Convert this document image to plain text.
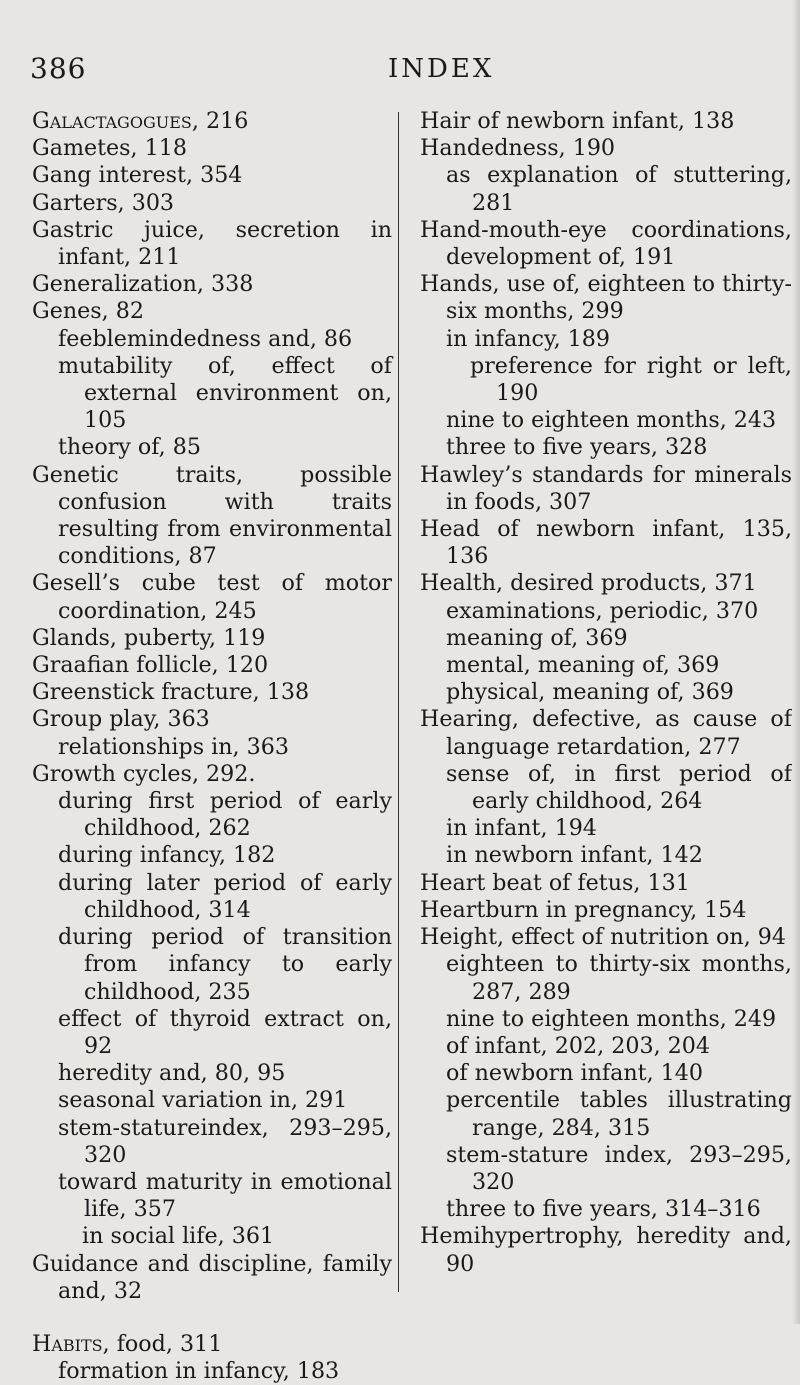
386	INDEX

Galactagogues, 216

Gametes, 118

Gang interest, 354

Garters, 303

Gastric juice, secretion in infant, 211

Generalization, 338

Genes, 82

feeblemindedness and, 86

mutability of, effect of external environment on, 105

theory of, 85

Genetic traits, possible confusion with traits resulting from environmental conditions, 87

Gesell’s cube test of motor coordination, 245

Glands, puberty, 119

Graafian follicle, 120

Greenstick fracture, 138

Group play, 363

relationships in, 363

Growth cycles, 292.

during first period of early childhood, 262

during infancy, 182

during later period of early childhood, 314

during period of transition from infancy to early childhood, 235

effect of thyroid extract on, 92

heredity and, 80, 95

seasonal variation in, 291

stem-statureindex, 293–295, 320

toward maturity in emotional life, 357

in social life, 361

Guidance and discipline, family and, 32

Habits, food, 311

formation in infancy, 183

Hair of newborn infant, 138

Handedness, 190

as explanation of stuttering, 281

Hand-mouth-eye coordinations, development of, 191

Hands, use of, eighteen to thirty-six months, 299

in infancy, 189

preference for right or left, 190

nine to eighteen months, 243

three to five years, 328

Hawley’s standards for minerals in foods, 307

Head of newborn infant, 135, 136

Health, desired products, 371

examinations, periodic, 370

meaning of, 369

mental, meaning of, 369

physical, meaning of, 369

Hearing, defective, as cause of language retardation, 277

sense of, in first period of early childhood, 264

in infant, 194

in newborn infant, 142

Heart beat of fetus, 131

Heartburn in pregnancy, 154

Height, effect of nutrition on, 94

eighteen to thirty-six months, 287, 289

nine to eighteen months, 249

of infant, 202, 203, 204

of newborn infant, 140

percentile tables illustrating range, 284, 315

stem-stature index, 293–295, 320

three to five years, 314–316

Hemihypertrophy, heredity and, 90
